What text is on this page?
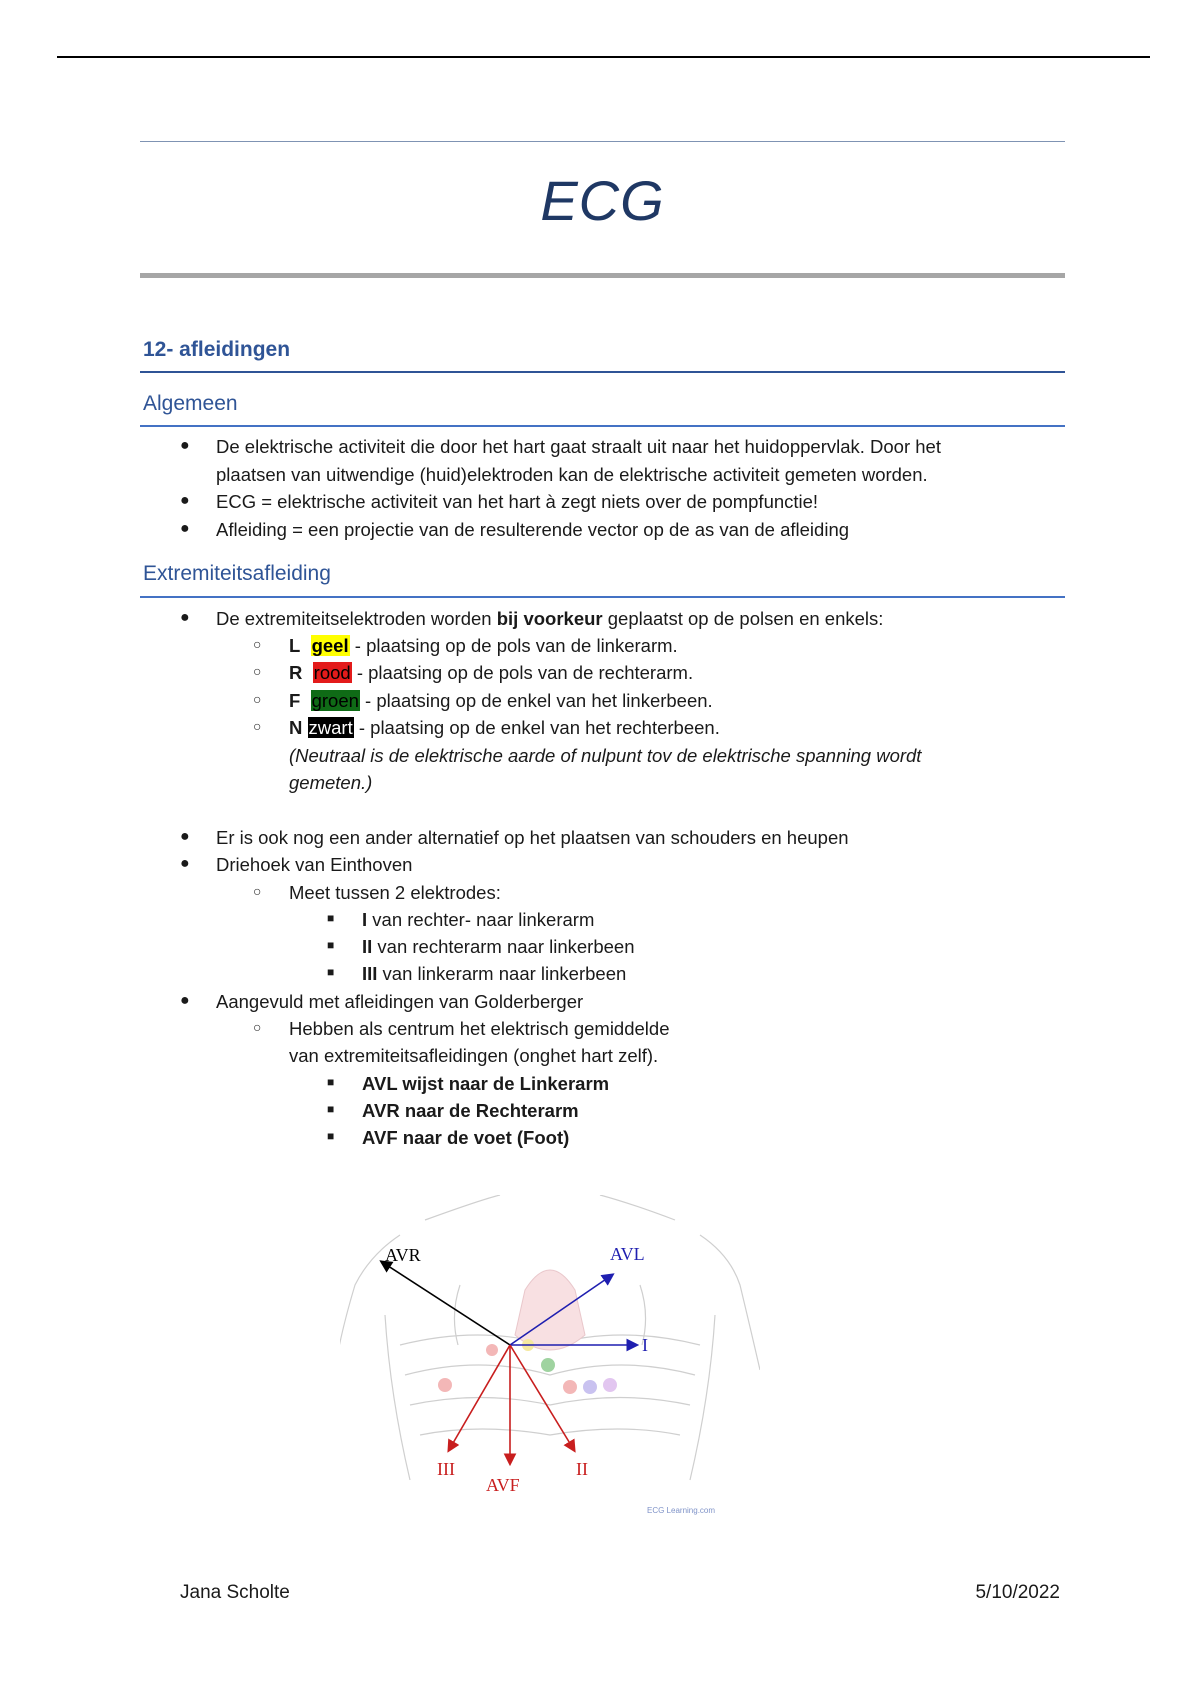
ECG
12- afleidingen
Algemeen
● De elektrische activiteit die door het hart gaat straalt uit naar het huidoppervlak. Door het
plaatsen van uitwendige (huid)elektroden kan de elektrische activiteit gemeten worden.
● ECG = elektrische activiteit van het hart à zegt niets over de pompfunctie!
● Afleiding = een projectie van de resulterende vector op de as van de afleiding
Extremiteitsafleiding
● De extremiteitselektroden worden bij voorkeur geplaatst op de polsen en enkels:
○ L geel - plaatsing op de pols van de linkerarm.
○ R rood - plaatsing op de pols van de rechterarm.
○ F groen - plaatsing op de enkel van het linkerbeen.
○ N zwart - plaatsing op de enkel van het rechterbeen.
(Neutraal is de elektrische aarde of nulpunt tov de elektrische spanning wordt
gemeten.)
● Er is ook nog een ander alternatief op het plaatsen van schouders en heupen
● Driehoek van Einthoven
○ Meet tussen 2 elektrodes:
■ I van rechter- naar linkerarm
■ II van rechterarm naar linkerbeen
■ III van linkerarm naar linkerbeen
● Aangevuld met afleidingen van Golderberger
○ Hebben als centrum het elektrisch gemiddelde
van extremiteitsafleidingen (onghet hart zelf).
■ AVL wijst naar de Linkerarm
■ AVR naar de Rechterarm
■ AVF naar de voet (Foot)
AVR	AVL
I
II
III
AVF
ECG Learning.com
Jana Scholte	5/10/2022
